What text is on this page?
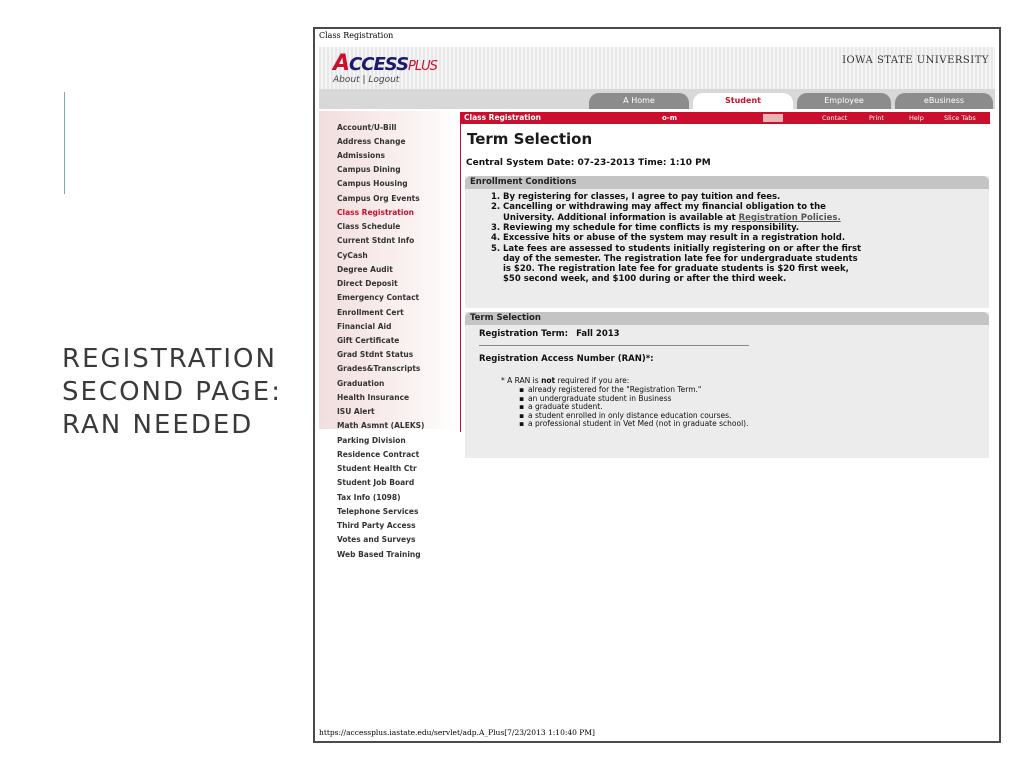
REGISTRATION
SECOND PAGE:
RAN NEEDED
Class Registration
ACCESSPLUS
About | Logout
IOWA STATE UNIVERSITY
A Home	Student	Employee	eBusiness
Account/U-Bill
Address Change
Admissions
Campus Dining
Campus Housing
Campus Org Events
Class Registration
Class Schedule
Current Stdnt Info
CyCash
Degree Audit
Direct Deposit
Emergency Contact
Enrollment Cert
Financial Aid
Gift Certificate
Grad Stdnt Status
Grades&Transcripts
Graduation
Health Insurance
ISU Alert
Math Asmnt (ALEKS)
Parking Division
Residence Contract
Student Health Ctr
Student Job Board
Tax Info (1098)
Telephone Services
Third Party Access
Votes and Surveys
Web Based Training
Class Registration	o-m	Contact	Print	Help	Slice Tabs
Term Selection
Central System Date: 07-23-2013 Time: 1:10 PM
Enrollment Conditions
1. By registering for classes, I agree to pay tuition and fees.
2. Cancelling or withdrawing may affect my financial obligation to the
University. Additional information is available at Registration Policies.
3. Reviewing my schedule for time conflicts is my responsibility.
4. Excessive hits or abuse of the system may result in a registration hold.
5. Late fees are assessed to students initially registering on or after the first
day of the semester. The registration late fee for undergraduate students
is $20. The registration late fee for graduate students is $20 first week,
$50 second week, and $100 during or after the third week.
Term Selection
Registration Term: Fall 2013
Registration Access Number (RAN)*:
* A RAN is not required if you are:
▪ already registered for the "Registration Term."
▪ an undergraduate student in Business
▪ a graduate student.
▪ a student enrolled in only distance education courses.
▪ a professional student in Vet Med (not in graduate school).
https://accessplus.iastate.edu/servlet/adp.A_Plus[7/23/2013 1:10:40 PM]
